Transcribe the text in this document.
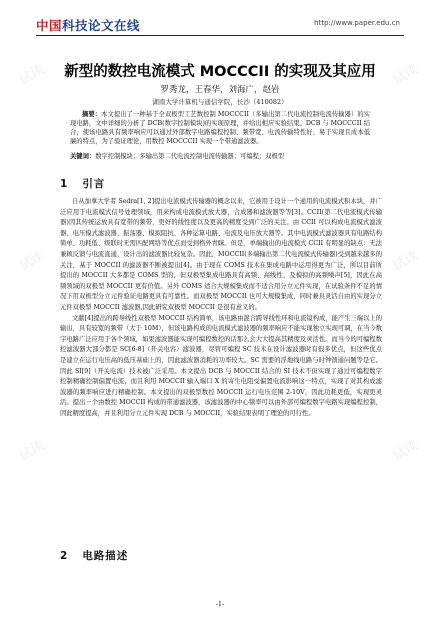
中国科技论文在线	http://www.paper.edu.cn
新型的数控电流模式 MOCCCII 的实现及其应用
罗秀龙，王春华，刘海广，赵岩
湖南大学计算机与通信学院，长沙（410082）
摘要：本文提出了一种基于全双极型工艺数控制 MOCCCII（多输出第二代电流控制电流传输器）的实现电路，文中详细的分析了 DCB(数字控制模块)的实现原理，并给出相应实验结果。DCB 与 MOCCCII 结合，使该电路具有频率响应可以通过外部数字电路编程控制、频带宽、电流传输特性好、易于实现且成本低廉的特点，为了验证理论，用数控 MOCCCII 实现一个带通滤波器。
关键词：数字控制模块；多输出第二代电流控制电流传输器；可编程；双极型
1 引言

自从加拿大学者 Sedra[1, 2]提出电流模式传输器的概念以来，它被用于设计一个通用的电流模式积木块，并广泛应用于电流模式信号处理领域，用来构成电流模式放大器，合成器和滤波器等等[3]。CCII(第二代电流模式传输器)因其传统运放具有宽带的频带，更好的线性度以及更高的精度受到广泛的关注。由 CCII 可以构成电流模式滤波器、电压模式滤波器、振荡器、模拟阻抗、各种运算电路、电流及电压放大器等。其中电流模式滤波器具有电路结构简单、功耗低、级联时无需匹配网络等优点而受到格外青睐。但是，单端输出的电流模式 CCII 有明显的缺点：无法兼顾反馈与电流直通，设计出的滤波器比较复杂。因此，MOCCII(多端输出第二代电流模式传输器)受到越来越多的关注，基于 MOCCII 的滤波器不断被提出[4]。由于现在 COMS 技术在集成电路中运用得更为广泛，所以目前所提出的 MOCCII 大多都是 COMS 型的，但双极型集成电路具有高频、高线性，及模拟的高频噪声[5]，因此在高频领域的双极型 MOCCII 更有价值。另外 COMS 适合大规模集成而不适合用分立元件实现，在试验条件不足的情况下用双极型分立元件验证电路更具有可靠性。而双极型 MOCCII 也可大规模集成，同时兼具灵活自由的实现分立元件双极型 MOCCII 滤波器,因此研究双极型 MOCCII 是很有意义的。

文献[4]提出的跨导线性双极型 MOCCII 结构简单，该电路由混合跨导线性环和电流镜构成，能产生三端以上的输出，具有较宽的频带（大于 10M），但该电路构成的电流模式滤波器的频率响应不能实现独立实现可调，在当今数字电路广泛应用于各个领域，如果滤波器能实现可编程数控的话那么会大大提高其精度及灵活性。而当今的可编程数控滤波器大部分都是 SC[6-8]（开关电容）滤波器，尽管可编程 SC 技术在设计滤波器时有很多优点，但这些优点是建立在运行电压高的低压基础上的，因此滤波器消耗的功率较大。SC 需要的浮地线电路与时钟馈通问题等是它。因此 SI[9]（开关电流）技术被广泛采用。本文提出 DCB 与 MOCCII 结合的 SI 技术不但实现了通过可编程数字控制精确控制偏置电流，而且利用 MOCCII 输入端口 X 的寄生电阻受偏置电流影响这一特点，实现了对其构成滤波器的频率响应进行精确控制。本文提出的双极型数控 MOCCII 运行电压范围 2-10V，因此功耗更低，实现更灵活。提出一个由数控 MOCCII 构成的带通滤波器，该滤波器的中心频率可以由外部可编程数字电路实现编程控制，因此精度提高，并且利用分立元件实现 DCB 与 MOCCII，实验结果表明了理论的可行性。

2 电路描述
-1-
试读	试读
试读	试读
试读	试读
